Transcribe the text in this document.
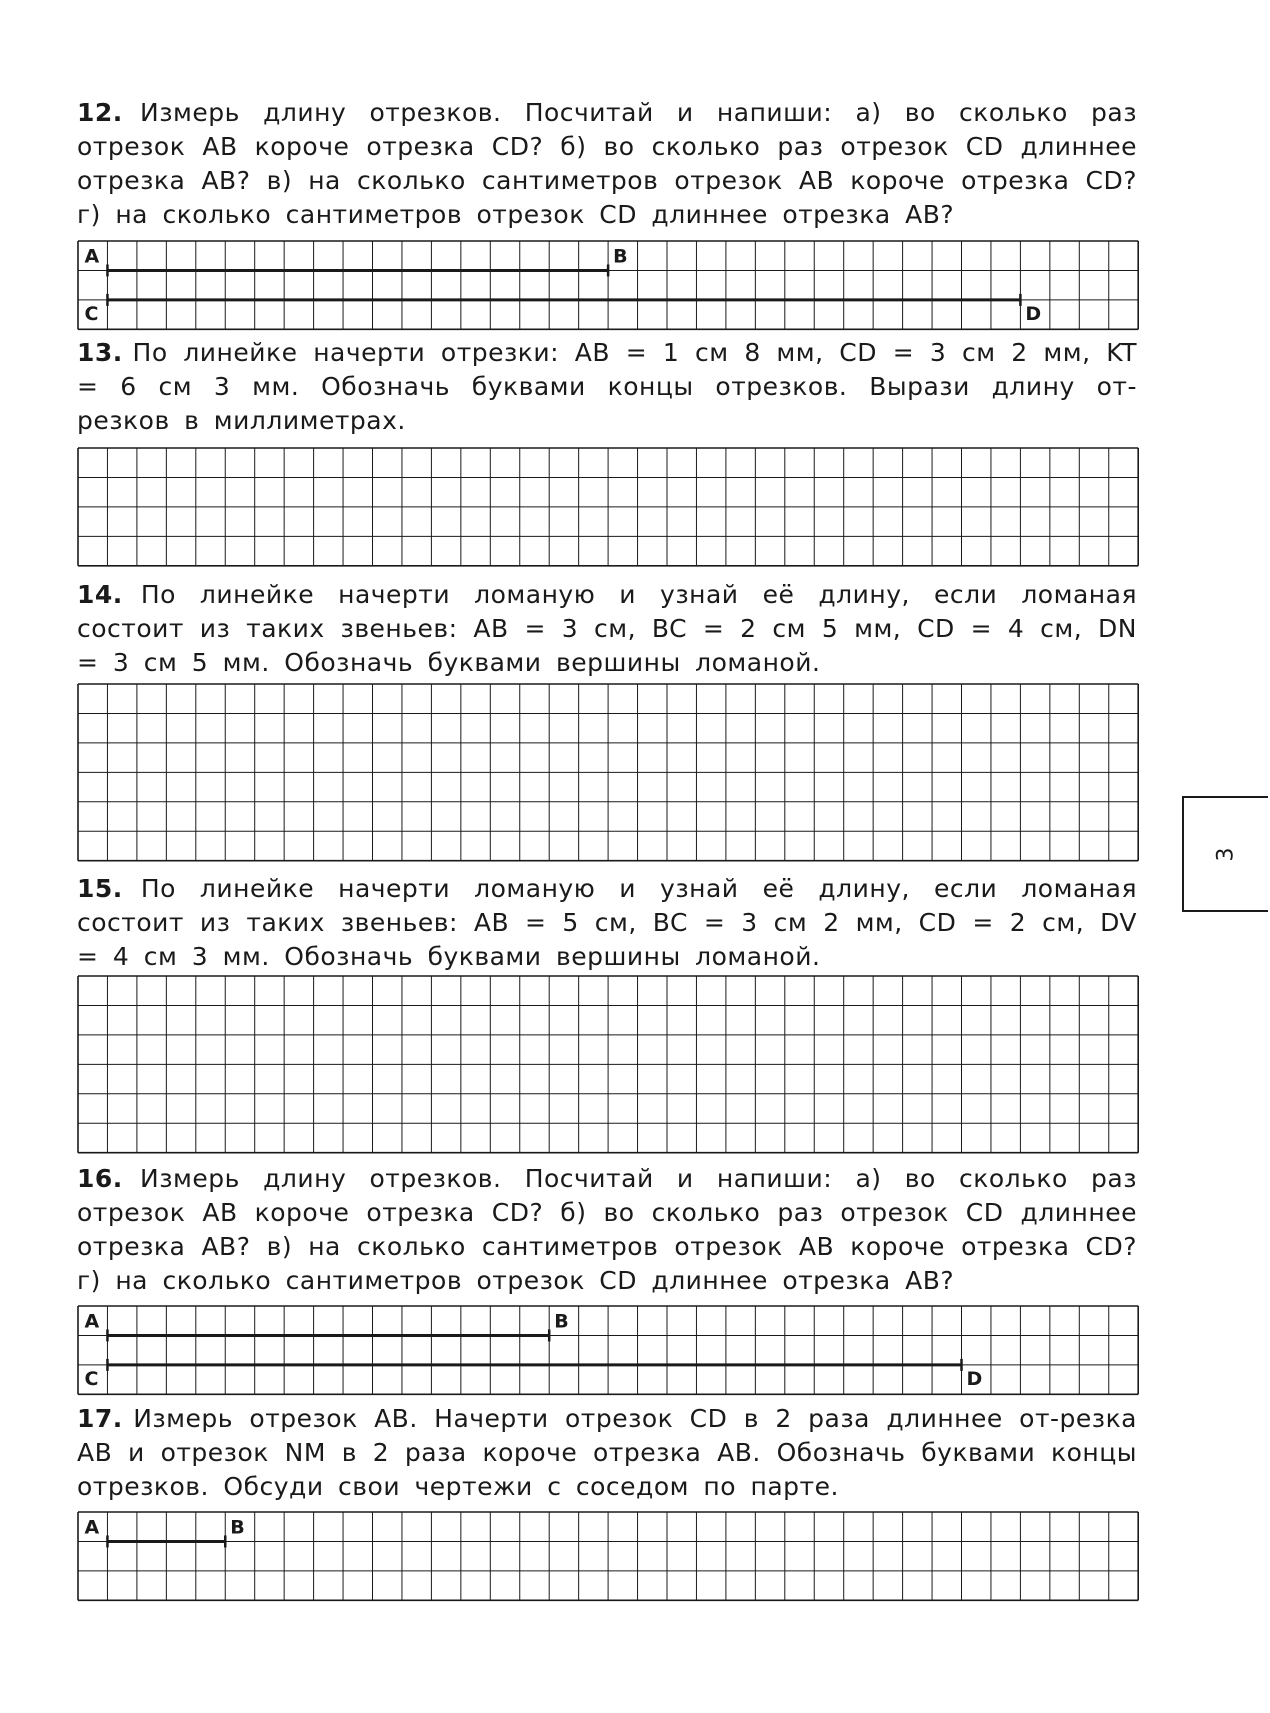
12. Измерь длину отрезков. Посчитай и напиши: а) во сколько раз отрезок AB короче отрезка CD? б) во сколько раз отрезок CD длиннее отрезка AB? в) на сколько сантиметров отрезок AB короче отрезка CD? г) на сколько сантиметров отрезок CD длиннее отрезка AB?

A	B
C	D

13. По линейке начерти отрезки: AB = 1 см 8 мм, CD = 3 см 2 мм, KT = 6 см 3 мм. Обозначь буквами концы отрезков. Вырази длину от-резков в миллиметрах.

14. По линейке начерти ломаную и узнай её длину, если ломаная состоит из таких звеньев: AB = 3 см, BC = 2 см 5 мм, CD = 4 см, DN = 3 см 5 мм. Обозначь буквами вершины ломаной.

15. По линейке начерти ломаную и узнай её длину, если ломаная состоит из таких звеньев: AB = 5 см, BC = 3 см 2 мм, CD = 2 см, DV = 4 см 3 мм. Обозначь буквами вершины ломаной.

16. Измерь длину отрезков. Посчитай и напиши: а) во сколько раз отрезок AB короче отрезка CD? б) во сколько раз отрезок CD длиннее отрезка AB? в) на сколько сантиметров отрезок AB короче отрезка CD? г) на сколько сантиметров отрезок CD длиннее отрезка AB?

A	B
C	D

17. Измерь отрезок AB. Начерти отрезок CD в 2 раза длиннее от-резка AB и отрезок NM в 2 раза короче отрезка AB. Обозначь буквами концы отрезков. Обсуди свои чертежи с соседом по парте.

A	B
3
